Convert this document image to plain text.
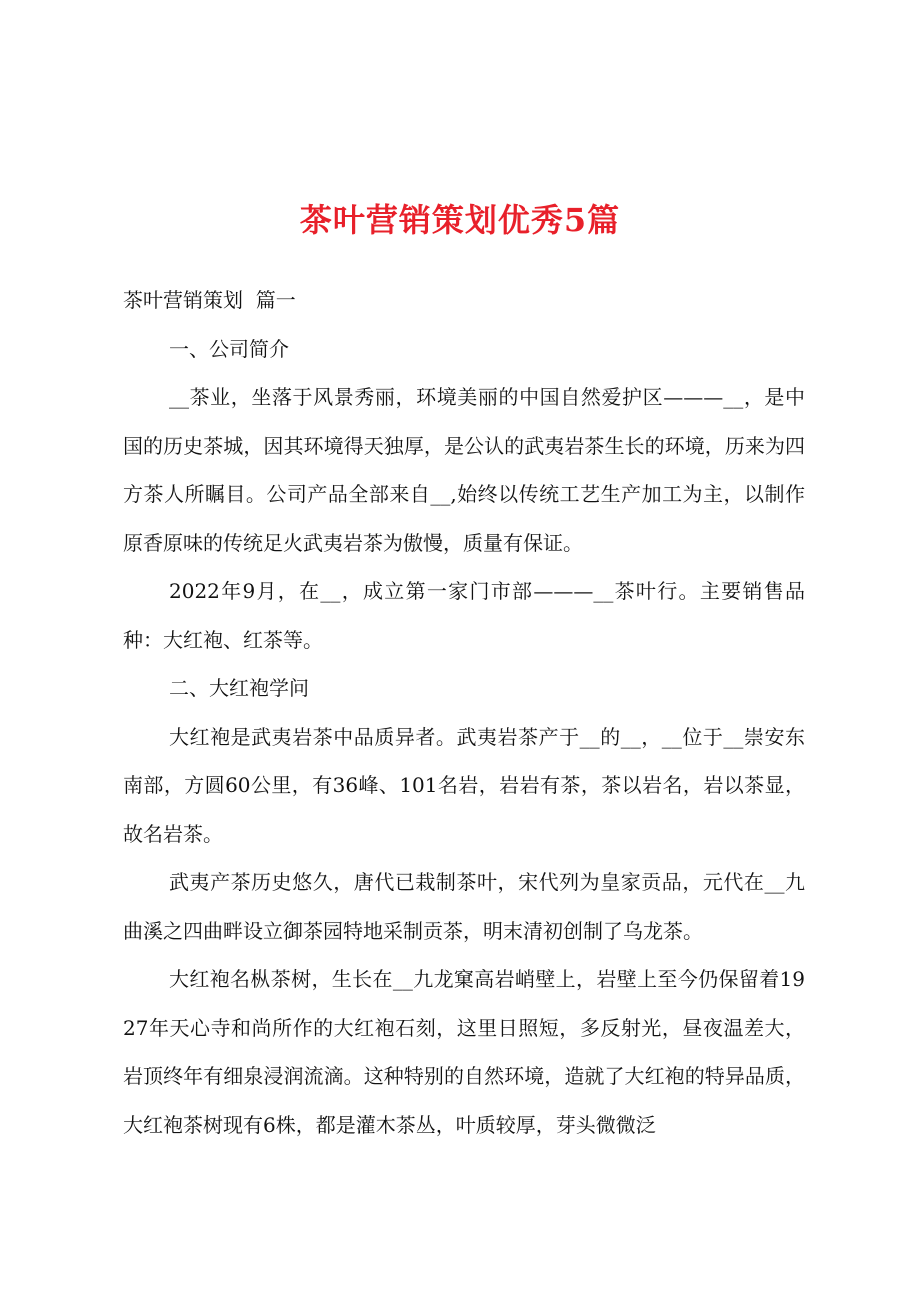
茶叶营销策划优秀5篇

茶叶营销策划  篇一

一、公司简介

__茶业，坐落于风景秀丽，环境美丽的中国自然爱护区———__，是中国的历史茶城，因其环境得天独厚，是公认的武夷岩茶生长的环境，历来为四方茶人所瞩目。公司产品全部来自__,始终以传统工艺生产加工为主，以制作原香原味的传统足火武夷岩茶为傲慢，质量有保证。

2022年9月，在__，成立第一家门市部———__茶叶行。主要销售品种：大红袍、红茶等。

二、大红袍学问

大红袍是武夷岩茶中品质异者。武夷岩茶产于__的__，__位于__崇安东南部，方圆60公里，有36峰、101名岩，岩岩有茶，茶以岩名，岩以茶显，故名岩茶。

武夷产茶历史悠久，唐代已栽制茶叶，宋代列为皇家贡品，元代在__九曲溪之四曲畔设立御茶园特地采制贡茶，明末清初创制了乌龙茶。

大红袍名枞茶树，生长在__九龙窠高岩峭壁上，岩壁上至今仍保留着1927年天心寺和尚所作的大红袍石刻，这里日照短，多反射光，昼夜温差大，岩顶终年有细泉浸润流滴。这种特别的自然环境，造就了大红袍的特异品质，大红袍茶树现有6株，都是灌木茶丛，叶质较厚，芽头微微泛
